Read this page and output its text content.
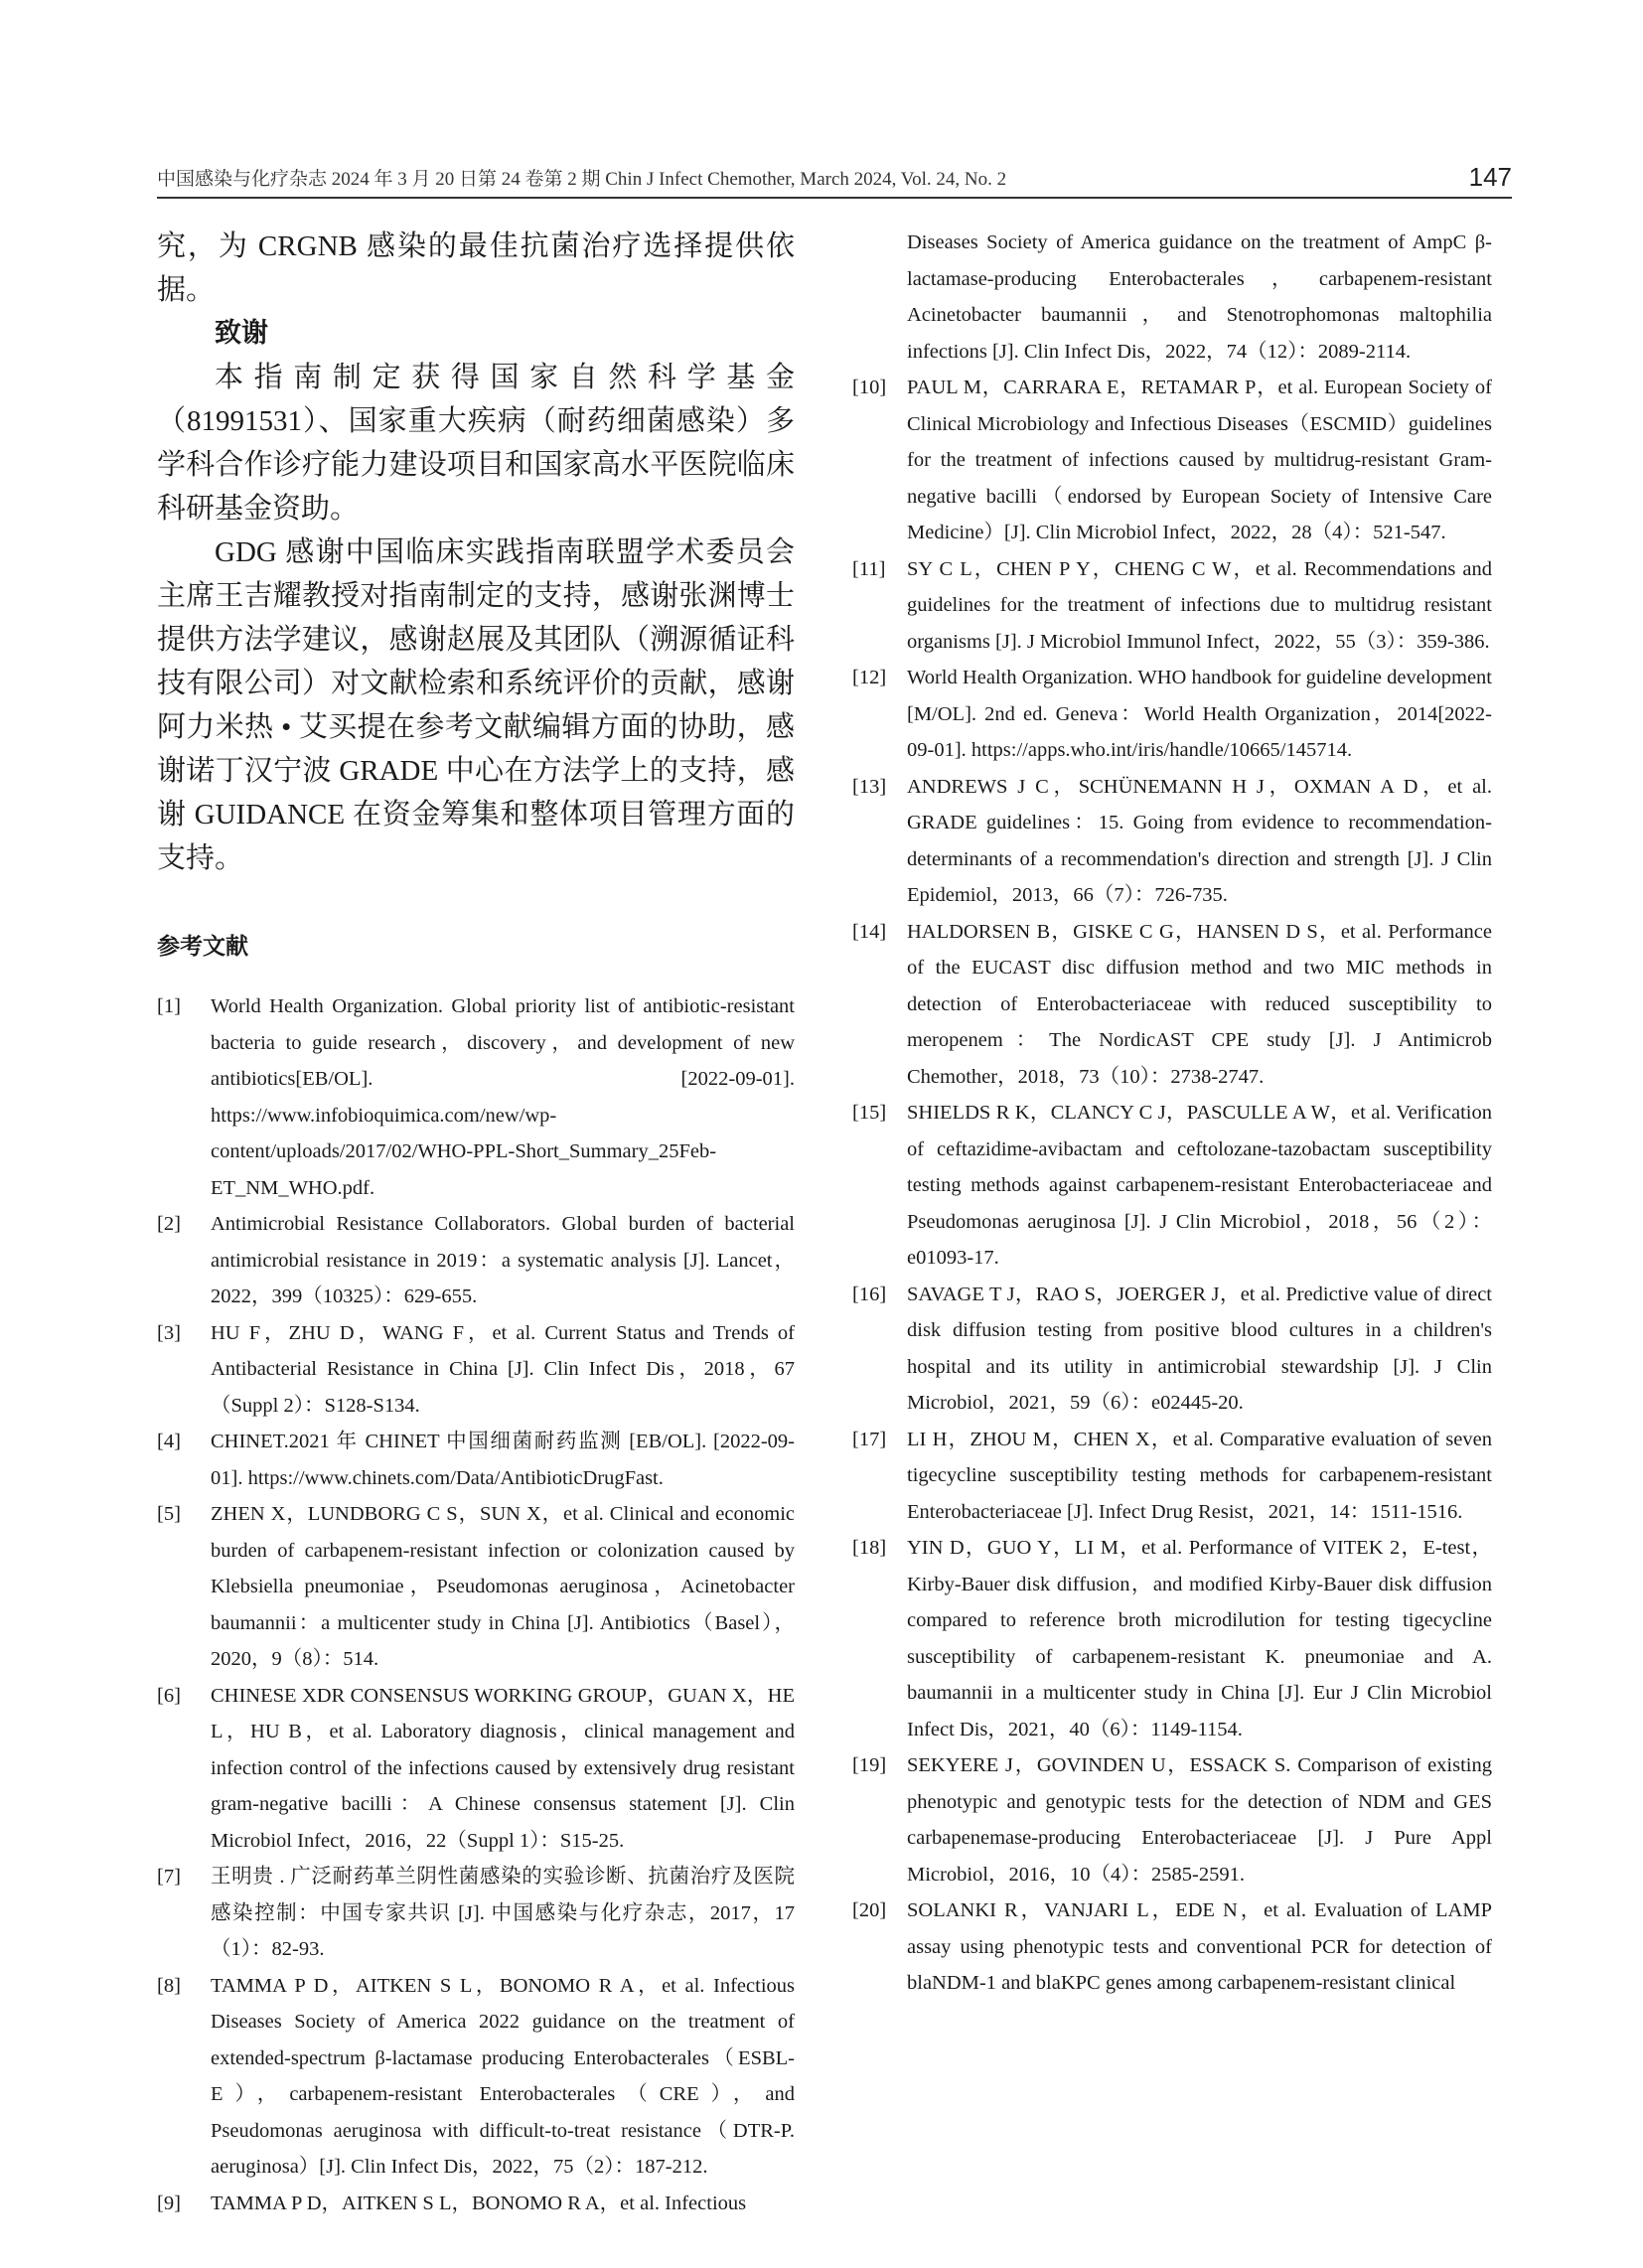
中国感染与化疗杂志 2024 年 3 月 20 日第 24 卷第 2 期 Chin J Infect Chemother, March 2024, Vol. 24, No. 2	147

究，为 CRGNB 感染的最佳抗菌治疗选择提供依据。

致谢

本指南制定获得国家自然科学基金（81991531）、国家重大疾病（耐药细菌感染）多学科合作诊疗能力建设项目和国家高水平医院临床科研基金资助。

GDG 感谢中国临床实践指南联盟学术委员会主席王吉耀教授对指南制定的支持，感谢张渊博士提供方法学建议，感谢赵展及其团队（溯源循证科技有限公司）对文献检索和系统评价的贡献，感谢阿力米热 • 艾买提在参考文献编辑方面的协助，感谢诺丁汉宁波 GRADE 中心在方法学上的支持，感谢 GUIDANCE 在资金筹集和整体项目管理方面的支持。

参考文献

[1] World Health Organization. Global priority list of antibiotic-resistant bacteria to guide research，discovery，and development of new antibiotics[EB/OL]. [2022-09-01]. https://www.infobioquimica.com/new/wp-content/uploads/2017/02/WHO-PPL-Short_Summary_25Feb-ET_NM_WHO.pdf.

[2] Antimicrobial Resistance Collaborators. Global burden of bacterial antimicrobial resistance in 2019：a systematic analysis [J]. Lancet，2022，399（10325）：629-655.

[3] HU F，ZHU D，WANG F，et al. Current Status and Trends of Antibacterial Resistance in China [J]. Clin Infect Dis，2018，67（Suppl 2）：S128-S134.

[4] CHINET.2021 年 CHINET 中国细菌耐药监测 [EB/OL]. [2022-09-01]. https://www.chinets.com/Data/AntibioticDrugFast.

[5] ZHEN X，LUNDBORG C S，SUN X，et al. Clinical and economic burden of carbapenem-resistant infection or colonization caused by Klebsiella pneumoniae，Pseudomonas aeruginosa，Acinetobacter baumannii：a multicenter study in China [J]. Antibiotics（Basel），2020，9（8）：514.

[6] CHINESE XDR CONSENSUS WORKING GROUP，GUAN X，HE L，HU B，et al. Laboratory diagnosis，clinical management and infection control of the infections caused by extensively drug resistant gram-negative bacilli：A Chinese consensus statement [J]. Clin Microbiol Infect，2016，22（Suppl 1）：S15-25.

[7] 王明贵 . 广泛耐药革兰阴性菌感染的实验诊断、抗菌治疗及医院感染控制：中国专家共识 [J]. 中国感染与化疗杂志，2017，17（1）：82-93.

[8] TAMMA P D，AITKEN S L，BONOMO R A，et al. Infectious Diseases Society of America 2022 guidance on the treatment of extended-spectrum β-lactamase producing Enterobacterales（ESBL-E），carbapenem-resistant Enterobacterales（CRE），and Pseudomonas aeruginosa with difficult-to-treat resistance（DTR-P. aeruginosa）[J]. Clin Infect Dis，2022，75（2）：187-212.

[9] TAMMA P D，AITKEN S L，BONOMO R A，et al. Infectious

Diseases Society of America guidance on the treatment of AmpC β-lactamase-producing Enterobacterales，carbapenem-resistant Acinetobacter baumannii，and Stenotrophomonas maltophilia infections [J]. Clin Infect Dis，2022，74（12）：2089-2114.

[10] PAUL M，CARRARA E，RETAMAR P，et al. European Society of Clinical Microbiology and Infectious Diseases（ESCMID）guidelines for the treatment of infections caused by multidrug-resistant Gram-negative bacilli（endorsed by European Society of Intensive Care Medicine）[J]. Clin Microbiol Infect，2022，28（4）：521-547.

[11] SY C L，CHEN P Y，CHENG C W，et al. Recommendations and guidelines for the treatment of infections due to multidrug resistant organisms [J]. J Microbiol Immunol Infect，2022，55（3）：359-386.

[12] World Health Organization. WHO handbook for guideline development [M/OL]. 2nd ed. Geneva：World Health Organization，2014[2022-09-01]. https://apps.who.int/iris/handle/10665/145714.

[13] ANDREWS J C，SCHÜNEMANN H J，OXMAN A D，et al. GRADE guidelines：15. Going from evidence to recommendation-determinants of a recommendation's direction and strength [J]. J Clin Epidemiol，2013，66（7）：726-735.

[14] HALDORSEN B，GISKE C G，HANSEN D S，et al. Performance of the EUCAST disc diffusion method and two MIC methods in detection of Enterobacteriaceae with reduced susceptibility to meropenem：The NordicAST CPE study [J]. J Antimicrob Chemother，2018，73（10）：2738-2747.

[15] SHIELDS R K，CLANCY C J，PASCULLE A W，et al. Verification of ceftazidime-avibactam and ceftolozane-tazobactam susceptibility testing methods against carbapenem-resistant Enterobacteriaceae and Pseudomonas aeruginosa [J]. J Clin Microbiol，2018，56（2）：e01093-17.

[16] SAVAGE T J，RAO S，JOERGER J，et al. Predictive value of direct disk diffusion testing from positive blood cultures in a children's hospital and its utility in antimicrobial stewardship [J]. J Clin Microbiol，2021，59（6）：e02445-20.

[17] LI H，ZHOU M，CHEN X，et al. Comparative evaluation of seven tigecycline susceptibility testing methods for carbapenem-resistant Enterobacteriaceae [J]. Infect Drug Resist，2021，14：1511-1516.

[18] YIN D，GUO Y，LI M，et al. Performance of VITEK 2，E-test，Kirby-Bauer disk diffusion，and modified Kirby-Bauer disk diffusion compared to reference broth microdilution for testing tigecycline susceptibility of carbapenem-resistant K. pneumoniae and A. baumannii in a multicenter study in China [J]. Eur J Clin Microbiol Infect Dis，2021，40（6）：1149-1154.

[19] SEKYERE J，GOVINDEN U，ESSACK S. Comparison of existing phenotypic and genotypic tests for the detection of NDM and GES carbapenemase-producing Enterobacteriaceae [J]. J Pure Appl Microbiol，2016，10（4）：2585-2591.

[20] SOLANKI R，VANJARI L，EDE N，et al. Evaluation of LAMP assay using phenotypic tests and conventional PCR for detection of blaNDM-1 and blaKPC genes among carbapenem-resistant clinical
